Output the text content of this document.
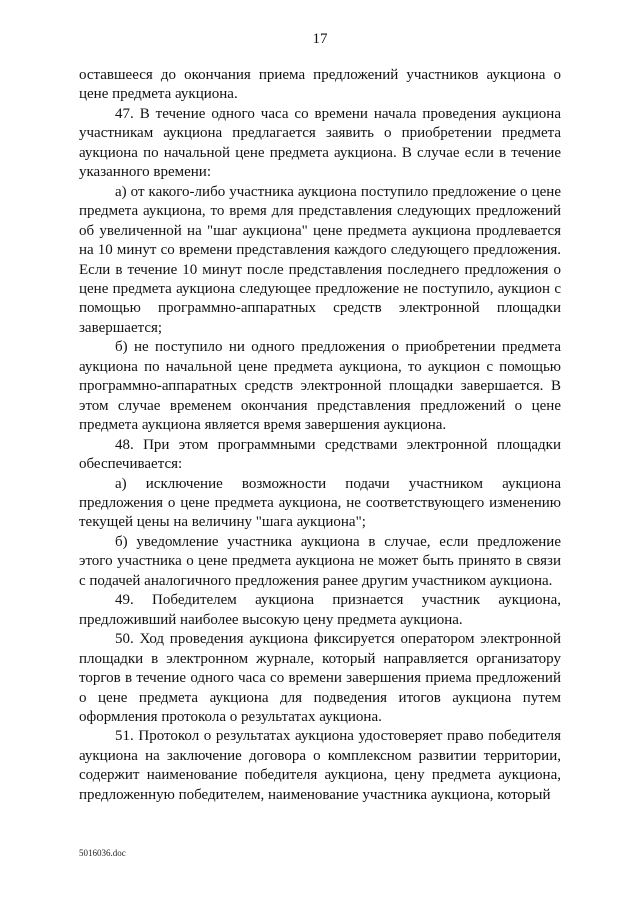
17

оставшееся до окончания приема предложений участников аукциона о цене предмета аукциона.

47. В течение одного часа со времени начала проведения аукциона участникам аукциона предлагается заявить о приобретении предмета аукциона по начальной цене предмета аукциона. В случае если в течение указанного времени:

а) от какого-либо участника аукциона поступило предложение о цене предмета аукциона, то время для представления следующих предложений об увеличенной на "шаг аукциона" цене предмета аукциона продлевается на 10 минут со времени представления каждого следующего предложения. Если в течение 10 минут после представления последнего предложения о цене предмета аукциона следующее предложение не поступило, аукцион с помощью программно-аппаратных средств электронной площадки завершается;

б) не поступило ни одного предложения о приобретении предмета аукциона по начальной цене предмета аукциона, то аукцион с помощью программно-аппаратных средств электронной площадки завершается. В этом случае временем окончания представления предложений о цене предмета аукциона является время завершения аукциона.

48. При этом программными средствами электронной площадки обеспечивается:

а) исключение возможности подачи участником аукциона предложения о цене предмета аукциона, не соответствующего изменению текущей цены на величину "шага аукциона";

б) уведомление участника аукциона в случае, если предложение этого участника о цене предмета аукциона не может быть принято в связи с подачей аналогичного предложения ранее другим участником аукциона.

49. Победителем аукциона признается участник аукциона, предложивший наиболее высокую цену предмета аукциона.

50. Ход проведения аукциона фиксируется оператором электронной площадки в электронном журнале, который направляется организатору торгов в течение одного часа со времени завершения приема предложений о цене предмета аукциона для подведения итогов аукциона путем оформления протокола о результатах аукциона.

51. Протокол о результатах аукциона удостоверяет право победителя аукциона на заключение договора о комплексном развитии территории, содержит наименование победителя аукциона, цену предмета аукциона, предложенную победителем, наименование участника аукциона, который

5016036.doc
